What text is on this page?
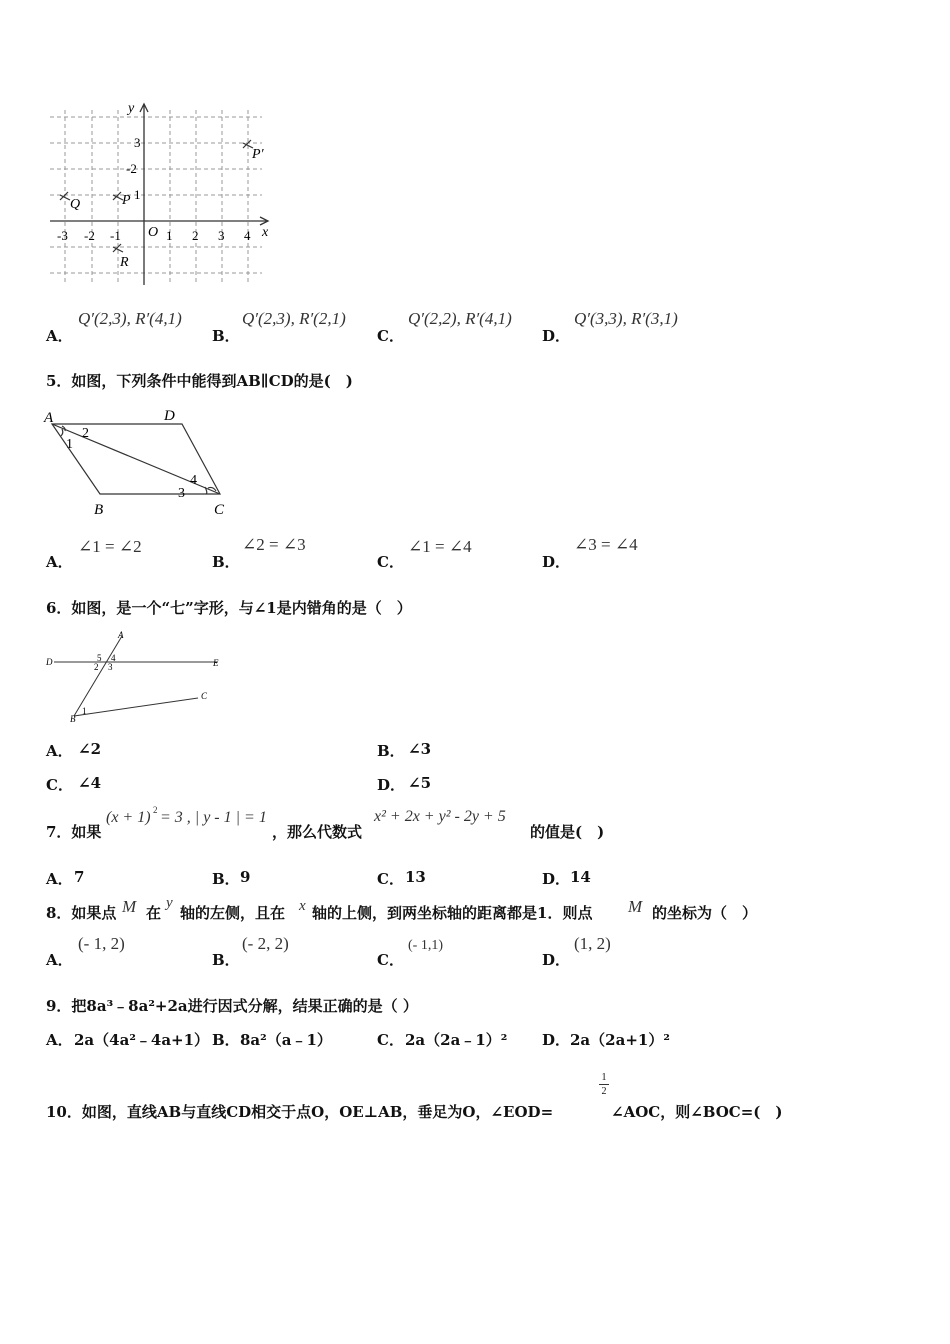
x
y
O
-3 -2 -1	1 2 3 4
3
-2
1
Q	P
P′
R
A．
Q′(2,3), R′(4,1)
B．
Q′(2,3), R′(2,1)
C．
Q′(2,2), R′(4,1)
D．
Q′(3,3), R′(3,1)
5．如图，下列条件中能得到AB∥CD的是(　)
A	D
B	C
1
2
3
4
A．
∠1 = ∠2
B．
∠2 = ∠3
C．
∠1 = ∠4
D．
∠3 = ∠4
6．如图，是一个“七”字形，与∠1是内错角的是（　）
A
D	E
C
B
5 4
2 3
1
A． ∠2	B． ∠3
C． ∠4	D． ∠5
7．如果
(x + 1) 2 = 3 , | y - 1 | = 1
，那么代数式
x² + 2x + y² - 2y + 5
的值是(　)
A． 7	B． 9	C． 13	D． 14
8．如果点 M 在
y
轴的左侧，且在 x 轴的上侧，到两坐标轴的距离都是1．则点 M 的坐标为（　）
A．
(- 1, 2)
B．
(- 2, 2)
C．
(- 1,1)
D．
(1, 2)
9．把8a³﹣8a²+2a进行因式分解，结果正确的是（ ）
A． 2a（4a²﹣4a+1） B． 8a²（a﹣1）	C． 2a（2a﹣1）² D． 2a（2a+1）²
10．如图，直线AB与直线CD相交于点O，OE⊥AB，垂足为O，∠EOD=
1
2
∠AOC，则∠BOC=(　)
